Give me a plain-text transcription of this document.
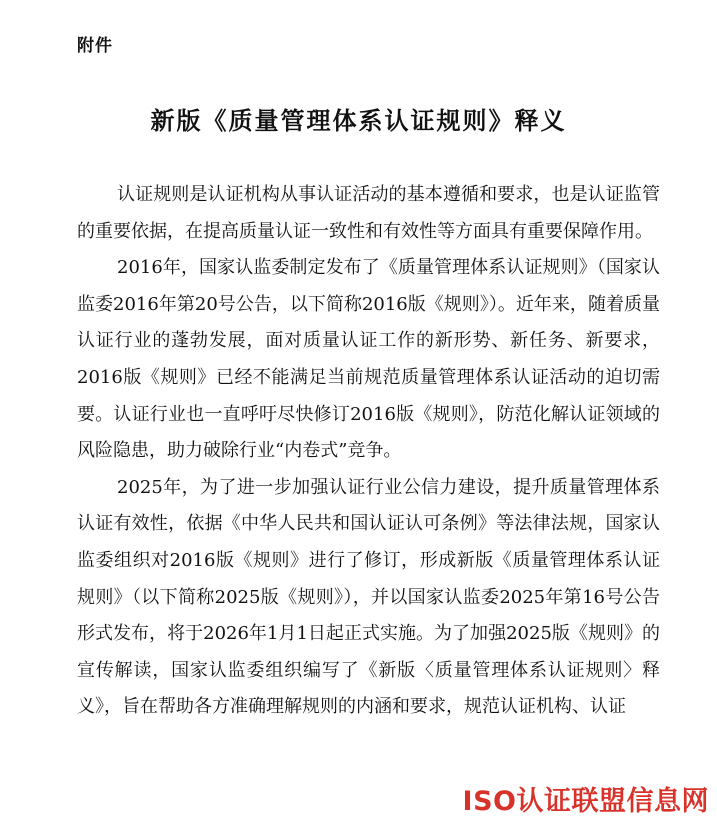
附件
新版《质量管理体系认证规则》释义

认证规则是认证机构从事认证活动的基本遵循和要求，也是认证监管的重要依据，在提高质量认证一致性和有效性等方面具有重要保障作用。

2016年，国家认监委制定发布了《质量管理体系认证规则》（国家认监委2016年第20号公告，以下简称2016版《规则》）。近年来，随着质量认证行业的蓬勃发展，面对质量认证工作的新形势、新任务、新要求，2016版《规则》已经不能满足当前规范质量管理体系认证活动的迫切需要。认证行业也一直呼吁尽快修订2016版《规则》，防范化解认证领域的风险隐患，助力破除行业“内卷式”竞争。

2025年，为了进一步加强认证行业公信力建设，提升质量管理体系认证有效性，依据《中华人民共和国认证认可条例》等法律法规，国家认监委组织对2016版《规则》进行了修订，形成新版《质量管理体系认证规则》（以下简称2025版《规则》），并以国家认监委2025年第16号公告形式发布，将于2026年1月1日起正式实施。为了加强2025版《规则》的宣传解读，国家认监委组织编写了《新版〈质量管理体系认证规则〉释义》，旨在帮助各方准确理解规则的内涵和要求，规范认证机构、认证

ISO认证联盟信息网
